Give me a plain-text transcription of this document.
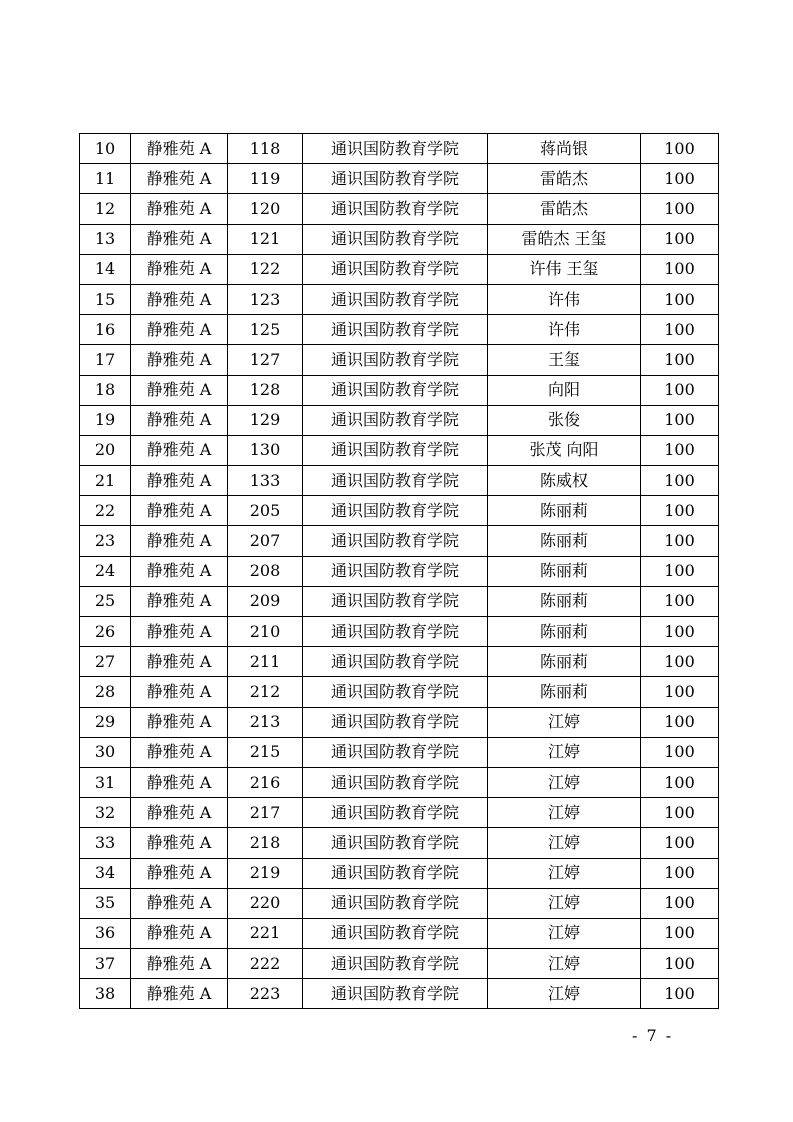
10	静雅苑 A	118	通识国防教育学院	蒋尚银	100
11	静雅苑 A	119	通识国防教育学院	雷皓杰	100
12	静雅苑 A	120	通识国防教育学院	雷皓杰	100
13	静雅苑 A	121	通识国防教育学院	雷皓杰 王玺	100
14	静雅苑 A	122	通识国防教育学院	许伟 王玺	100
15	静雅苑 A	123	通识国防教育学院	许伟	100
16	静雅苑 A	125	通识国防教育学院	许伟	100
17	静雅苑 A	127	通识国防教育学院	王玺	100
18	静雅苑 A	128	通识国防教育学院	向阳	100
19	静雅苑 A	129	通识国防教育学院	张俊	100
20	静雅苑 A	130	通识国防教育学院	张茂 向阳	100
21	静雅苑 A	133	通识国防教育学院	陈威权	100
22	静雅苑 A	205	通识国防教育学院	陈丽莉	100
23	静雅苑 A	207	通识国防教育学院	陈丽莉	100
24	静雅苑 A	208	通识国防教育学院	陈丽莉	100
25	静雅苑 A	209	通识国防教育学院	陈丽莉	100
26	静雅苑 A	210	通识国防教育学院	陈丽莉	100
27	静雅苑 A	211	通识国防教育学院	陈丽莉	100
28	静雅苑 A	212	通识国防教育学院	陈丽莉	100
29	静雅苑 A	213	通识国防教育学院	江婷	100
30	静雅苑 A	215	通识国防教育学院	江婷	100
31	静雅苑 A	216	通识国防教育学院	江婷	100
32	静雅苑 A	217	通识国防教育学院	江婷	100
33	静雅苑 A	218	通识国防教育学院	江婷	100
34	静雅苑 A	219	通识国防教育学院	江婷	100
35	静雅苑 A	220	通识国防教育学院	江婷	100
36	静雅苑 A	221	通识国防教育学院	江婷	100
37	静雅苑 A	222	通识国防教育学院	江婷	100
38	静雅苑 A	223	通识国防教育学院	江婷	100
- 7 -
